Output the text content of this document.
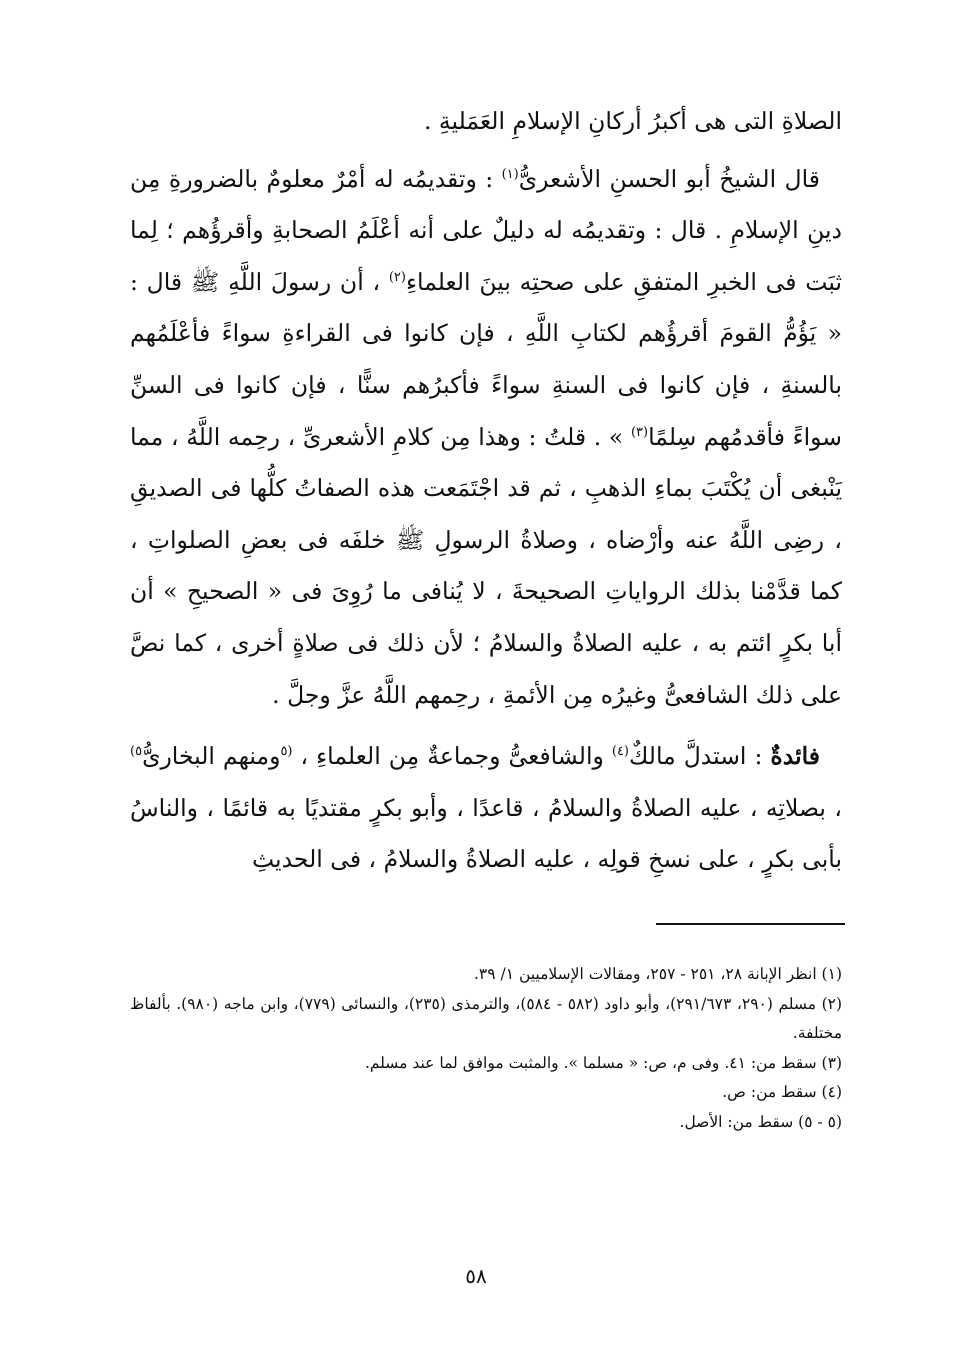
الصلاةِ التى هى أكبرُ أركانِ الإسلامِ العَمَليةِ .

قال الشيخُ أبو الحسنِ الأشعرىُّ$^{(١)}$ : وتقديمُه له أمْرٌ معلومٌ بالضرورةِ مِن دينِ الإسلامِ . قال : وتقديمُه له دليلٌ على أنه أعْلَمُ الصحابةِ وأقرؤُهم ؛ لِما ثبَت فى الخبرِ المتفقِ على صحتِه بينَ العلماءِ$^{(٢)}$ ، أن رسولَ اللَّهِ ﷺ قال : « يَؤُمُّ القومَ أقرؤُهم لكتابِ اللَّهِ ، فإن كانوا فى القراءةِ سواءً فأعْلَمُهم بالسنةِ ، فإن كانوا فى السنةِ سواءً فأكبرُهم سنًّا ، فإن كانوا فى السنِّ سواءً فأقدمُهم سِلمًا$^{(٣)}$ » . قلتُ : وهذا مِن كلامِ الأشعرىِّ ، رحِمه اللَّهُ ، مما يَنْبغى أن يُكْتَبَ بماءِ الذهبِ ، ثم قد اجْتَمَعت هذه الصفاتُ كلُّها فى الصديقِ ، رضِى اللَّهُ عنه وأرْضاه ، وصلاةُ الرسولِ ﷺ خلفَه فى بعضِ الصلواتِ ، كما قدَّمْنا بذلك الرواياتِ الصحيحةَ ، لا يُنافى ما رُوِىَ فى « الصحيحِ » أن أبا بكرٍ ائتم به ، عليه الصلاةُ والسلامُ ؛ لأن ذلك فى صلاةٍ أخرى ، كما نصَّ على ذلك الشافعىُّ وغيرُه مِن الأئمةِ ، رحِمهم اللَّهُ عزَّ وجلَّ .

فائدةٌ : استدلَّ مالكٌ$^{(٤)}$ والشافعىُّ وجماعةٌ مِن العلماءِ ، $^{(٥}$ومنهم البخارىُّ$^{٥)}$ ، بصلاتِه ، عليه الصلاةُ والسلامُ ، قاعدًا ، وأبو بكرٍ مقتديًا به قائمًا ، والناسُ بأبى بكرٍ ، على نسخِ قولِه ، عليه الصلاةُ والسلامُ ، فى الحديثِ

(١) انظر الإبانة ٢٨، ٢٥١ - ٢٥٧، ومقالات الإسلاميين ١/ ٣٩.

(٢) مسلم (٢٩٠، ٢٩١/٦٧٣)، وأبو داود (٥٨٢ - ٥٨٤)، والترمذى (٢٣٥)، والنسائى (٧٧٩)، وابن ماجه (٩٨٠). بألفاظ مختلفة.

(٣) سقط من: ٤١. وفى م، ص: « مسلما ». والمثبت موافق لما عند مسلم.

(٤) سقط من: ص.

(٥ - ٥) سقط من: الأصل.

٥٨
